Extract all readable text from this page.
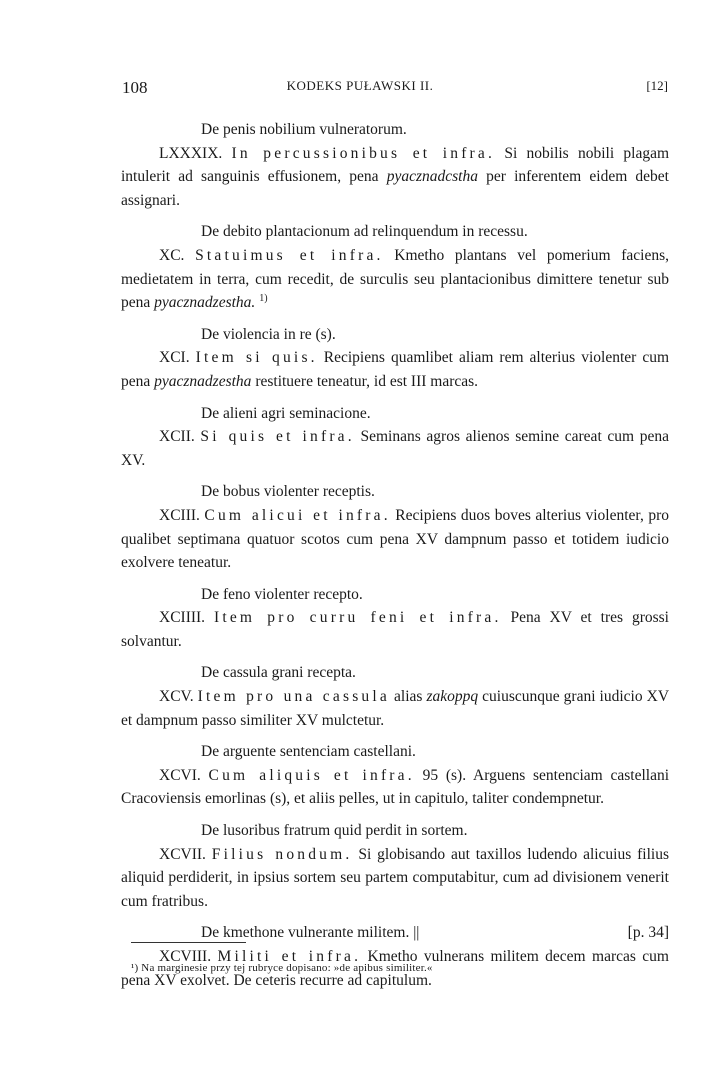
108	KODEKS PUŁAWSKI II.	[12]
De penis nobilium vulneratorum.

LXXXIX. In percussionibus et infra. Si nobilis nobili plagam intulerit ad sanguinis effusionem, pena pyacznadcstha per inferentem eidem debet assignari.

De debito plantacionum ad relinquendum in recessu.

XC. Statuimus et infra. Kmetho plantans vel pomerium faciens, medietatem in terra, cum recedit, de surculis seu plantacionibus dimittere tenetur sub pena pyacznadzestha. $^{1)}$

De violencia in re (s).

XCI. Item si quis. Recipiens quamlibet aliam rem alterius violenter cum pena pyacznadzestha restituere teneatur, id est III marcas.

De alieni agri seminacione.

XCII. Si quis et infra. Seminans agros alienos semine careat cum pena XV.

De bobus violenter receptis.

XCIII. Cum alicui et infra. Recipiens duos boves alterius violenter, pro qualibet septimana quatuor scotos cum pena XV dampnum passo et totidem iudicio exolvere teneatur.

De feno violenter recepto.

XCIIII. Item pro curru feni et infra. Pena XV et tres grossi solvantur.

De cassula grani recepta.

XCV. Item pro una cassula alias zakoppq cuiuscunque grani iudicio XV et dampnum passo similiter XV mulctetur.

De arguente sentenciam castellani.

XCVI. Cum aliquis et infra. 95 (s). Arguens sentenciam castellani Cracoviensis emorlinas (s), et aliis pelles, ut in capitulo, taliter condempnetur.

De lusoribus fratrum quid perdit in sortem.

XCVII. Filius nondum. Si globisando aut taxillos ludendo alicuius filius aliquid perdiderit, in ipsius sortem seu partem computabitur, cum ad divisionem venerit cum fratribus.

De kmethone vulnerante militem. ||	[p. 34]

XCVIII. Militi et infra. Kmetho vulnerans militem decem marcas cum pena XV exolvet. De ceteris recurre ad capitulum.

¹) Na marginesie przy tej rubryce dopisano: »de apibus similiter.«
